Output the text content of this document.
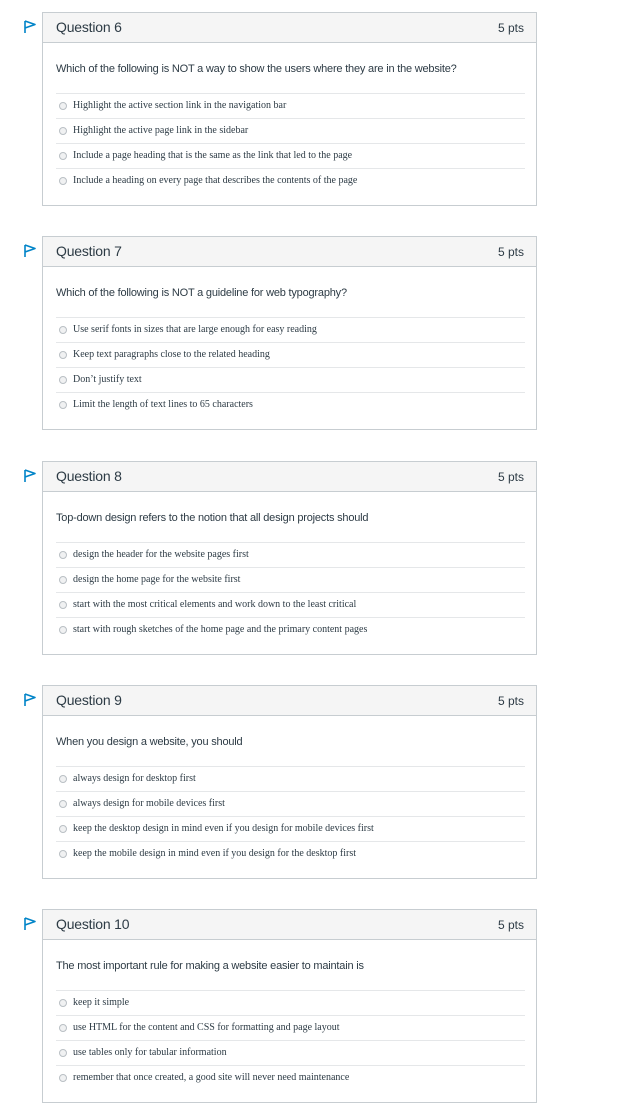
Question 6	5 pts
Which of the following is NOT a way to show the users where they are in the website?
Highlight the active section link in the navigation bar
Highlight the active page link in the sidebar
Include a page heading that is the same as the link that led to the page
Include a heading on every page that describes the contents of the page
Question 7	5 pts
Which of the following is NOT a guideline for web typography?
Use serif fonts in sizes that are large enough for easy reading
Keep text paragraphs close to the related heading
Don’t justify text
Limit the length of text lines to 65 characters
Question 8	5 pts
Top-down design refers to the notion that all design projects should
design the header for the website pages first
design the home page for the website first
start with the most critical elements and work down to the least critical
start with rough sketches of the home page and the primary content pages
Question 9	5 pts
When you design a website, you should
always design for desktop first
always design for mobile devices first
keep the desktop design in mind even if you design for mobile devices first
keep the mobile design in mind even if you design for the desktop first
Question 10	5 pts
The most important rule for making a website easier to maintain is
keep it simple
use HTML for the content and CSS for formatting and page layout
use tables only for tabular information
remember that once created, a good site will never need maintenance
